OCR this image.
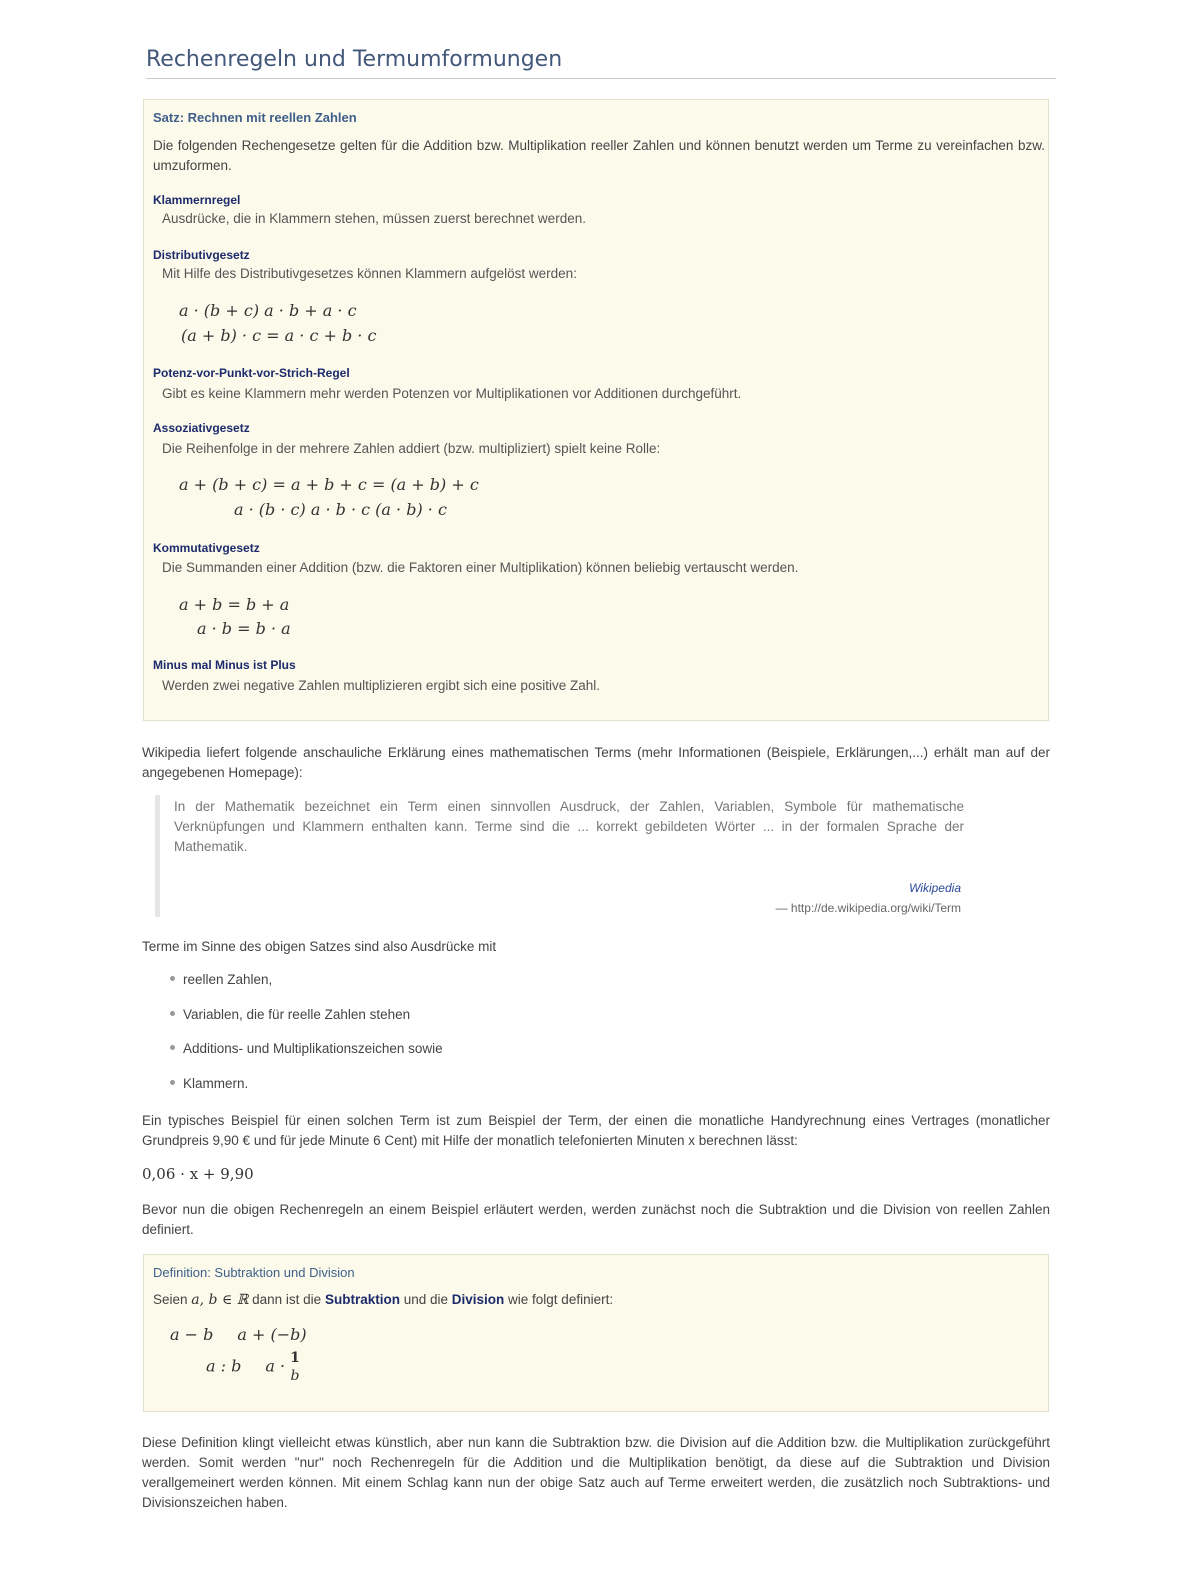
Rechenregeln und Termumformungen
Satz: Rechnen mit reellen Zahlen
Die folgenden Rechengesetze gelten für die Addition bzw. Multiplikation reeller Zahlen und können benutzt werden um Terme zu vereinfachen bzw. umzuformen.
Klammernregel
Ausdrücke, die in Klammern stehen, müssen zuerst berechnet werden.
Distributivgesetz
Mit Hilfe des Distributivgesetzes können Klammern aufgelöst werden:
a · (b + c) a · b + a · c
(a + b) · c = a · c + b · c
Potenz-vor-Punkt-vor-Strich-Regel
Gibt es keine Klammern mehr werden Potenzen vor Multiplikationen vor Additionen durchgeführt.
Assoziativgesetz
Die Reihenfolge in der mehrere Zahlen addiert (bzw. multipliziert) spielt keine Rolle:
a + (b + c) = a + b + c = (a + b) + c
a · (b · c) a · b · c (a · b) · c
Kommutativgesetz
Die Summanden einer Addition (bzw. die Faktoren einer Multiplikation) können beliebig vertauscht werden.
a + b = b + a
a · b = b · a
Minus mal Minus ist Plus
Werden zwei negative Zahlen multiplizieren ergibt sich eine positive Zahl.
Wikipedia liefert folgende anschauliche Erklärung eines mathematischen Terms (mehr Informationen (Beispiele, Erklärungen,...) erhält man auf der angegebenen Homepage):
In der Mathematik bezeichnet ein Term einen sinnvollen Ausdruck, der Zahlen, Variablen, Symbole für mathematische Verknüpfungen und Klammern enthalten kann. Terme sind die ... korrekt gebildeten Wörter ... in der formalen Sprache der Mathematik.
Wikipedia
— http://de.wikipedia.org/wiki/Term
Terme im Sinne des obigen Satzes sind also Ausdrücke mit
reellen Zahlen,
Variablen, die für reelle Zahlen stehen
Additions- und Multiplikationszeichen sowie
Klammern.
Ein typisches Beispiel für einen solchen Term ist zum Beispiel der Term, der einen die monatliche Handyrechnung eines Vertrages (monatlicher Grundpreis 9,90 € und für jede Minute 6 Cent) mit Hilfe der monatlich telefonierten Minuten x berechnen lässt:
0,06 · x + 9,90
Bevor nun die obigen Rechenregeln an einem Beispiel erläutert werden, werden zunächst noch die Subtraktion und die Division von reellen Zahlen definiert.
Definition: Subtraktion und Division
Seien a, b ∈ ℝ dann ist die Subtraktion und die Division wie folgt definiert:
a − b a + (−b)
a : b a · 1
b
Diese Definition klingt vielleicht etwas künstlich, aber nun kann die Subtraktion bzw. die Division auf die Addition bzw. die Multiplikation zurückgeführt werden. Somit werden "nur" noch Rechenregeln für die Addition und die Multiplikation benötigt, da diese auf die Subtraktion und Division verallgemeinert werden können. Mit einem Schlag kann nun der obige Satz auch auf Terme erweitert werden, die zusätzlich noch Subtraktions- und Divisionszeichen haben.
